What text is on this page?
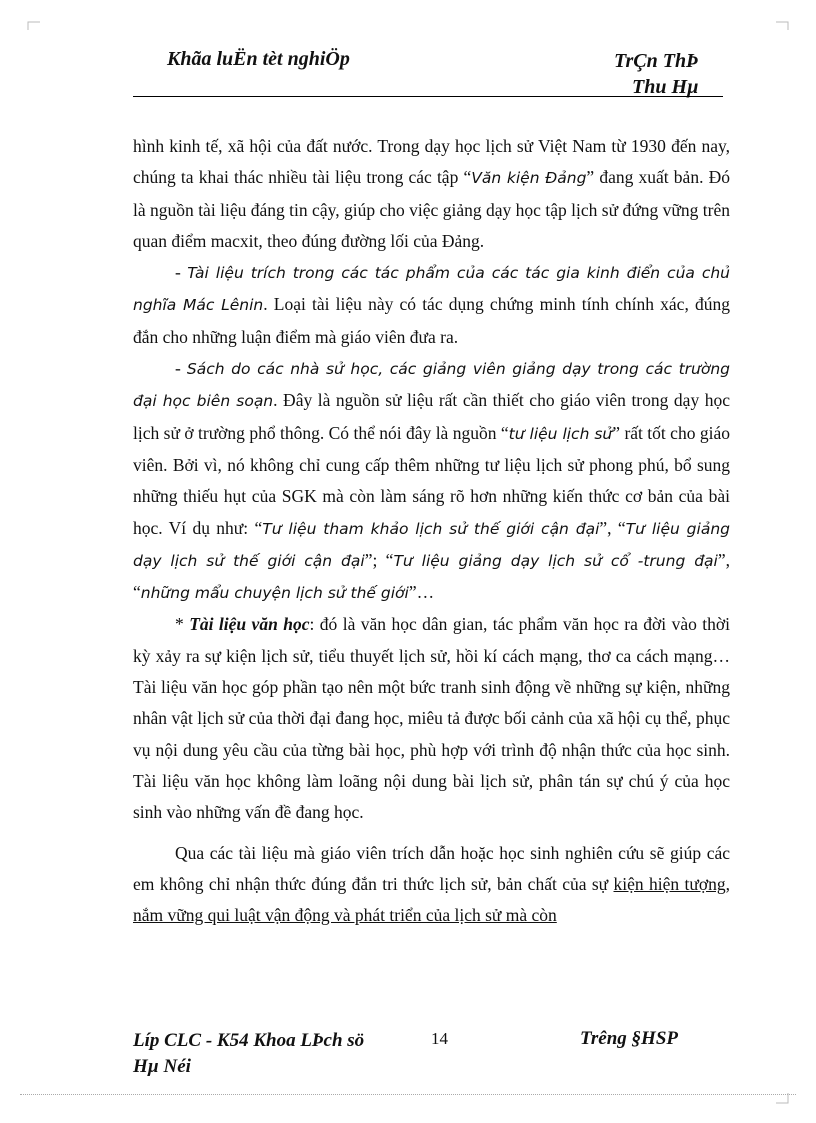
Khãa luËn tèt nghiÖp	TrÇn ThÞ
Thu Hµ

hình kinh tế, xã hội của đất nước. Trong dạy học lịch sử Việt Nam từ 1930 đến nay, chúng ta khai thác nhiều tài liệu trong các tập “Văn kiện Đảng” đang xuất bản. Đó là nguồn tài liệu đáng tin cậy, giúp cho việc giảng dạy học tập lịch sử đứng vững trên quan điểm macxit, theo đúng đường lối của Đảng.

- Tài liệu trích trong các tác phẩm của các tác gia kinh điển của chủ nghĩa Mác Lênin. Loại tài liệu này có tác dụng chứng minh tính chính xác, đúng đắn cho những luận điểm mà giáo viên đưa ra.

- Sách do các nhà sử học, các giảng viên giảng dạy trong các trường đại học biên soạn. Đây là nguồn sử liệu rất cần thiết cho giáo viên trong dạy học lịch sử ở trường phổ thông. Có thể nói đây là nguồn “tư liệu lịch sử” rất tốt cho giáo viên. Bởi vì, nó không chỉ cung cấp thêm những tư liệu lịch sử phong phú, bổ sung những thiếu hụt của SGK mà còn làm sáng rõ hơn những kiến thức cơ bản của bài học. Ví dụ như: “Tư liệu tham khảo lịch sử thế giới cận đại”, “Tư liệu giảng dạy lịch sử thế giới cận đại”; “Tư liệu giảng dạy lịch sử cổ -trung đại”, “những mẩu chuyện lịch sử thế giới”…

* Tài liệu văn học: đó là văn học dân gian, tác phẩm văn học ra đời vào thời kỳ xảy ra sự kiện lịch sử, tiểu thuyết lịch sử, hồi kí cách mạng, thơ ca cách mạng…Tài liệu văn học góp phần tạo nên một bức tranh sinh động về những sự kiện, những nhân vật lịch sử của thời đại đang học, miêu tả được bối cảnh của xã hội cụ thể, phục vụ nội dung yêu cầu của từng bài học, phù hợp với trình độ nhận thức của học sinh. Tài liệu văn học không làm loãng nội dung bài lịch sử, phân tán sự chú ý của học sinh vào những vấn đề đang học.

Qua các tài liệu mà giáo viên trích dẫn hoặc học sinh nghiên cứu sẽ giúp các em không chỉ nhận thức đúng đắn tri thức lịch sử, bản chất của sự kiện hiện tượng, nắm vững qui luật vận động và phát triển của lịch sử mà còn

Líp CLC - K54 Khoa LÞch sö
Hµ Néi
14	Trêng §HSP
